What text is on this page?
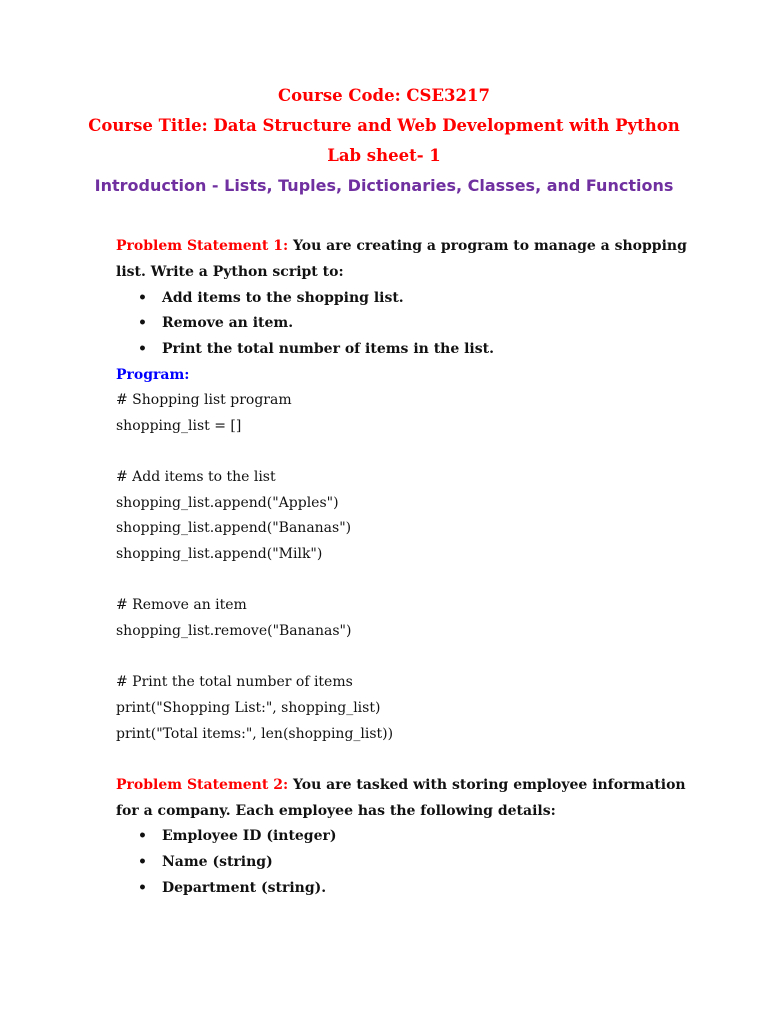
Course Code: CSE3217
Course Title: Data Structure and Web Development with Python
Lab sheet- 1
Introduction - Lists, Tuples, Dictionaries, Classes, and Functions
Problem Statement 1: You are creating a program to manage a shopping
list. Write a Python script to:
• Add items to the shopping list.
• Remove an item.
• Print the total number of items in the list.
Program:
# Shopping list program
shopping_list = []
# Add items to the list
shopping_list.append("Apples")
shopping_list.append("Bananas")
shopping_list.append("Milk")
# Remove an item
shopping_list.remove("Bananas")
# Print the total number of items
print("Shopping List:", shopping_list)
print("Total items:", len(shopping_list))
Problem Statement 2: You are tasked with storing employee information
for a company. Each employee has the following details:
• Employee ID (integer)
• Name (string)
• Department (string).
